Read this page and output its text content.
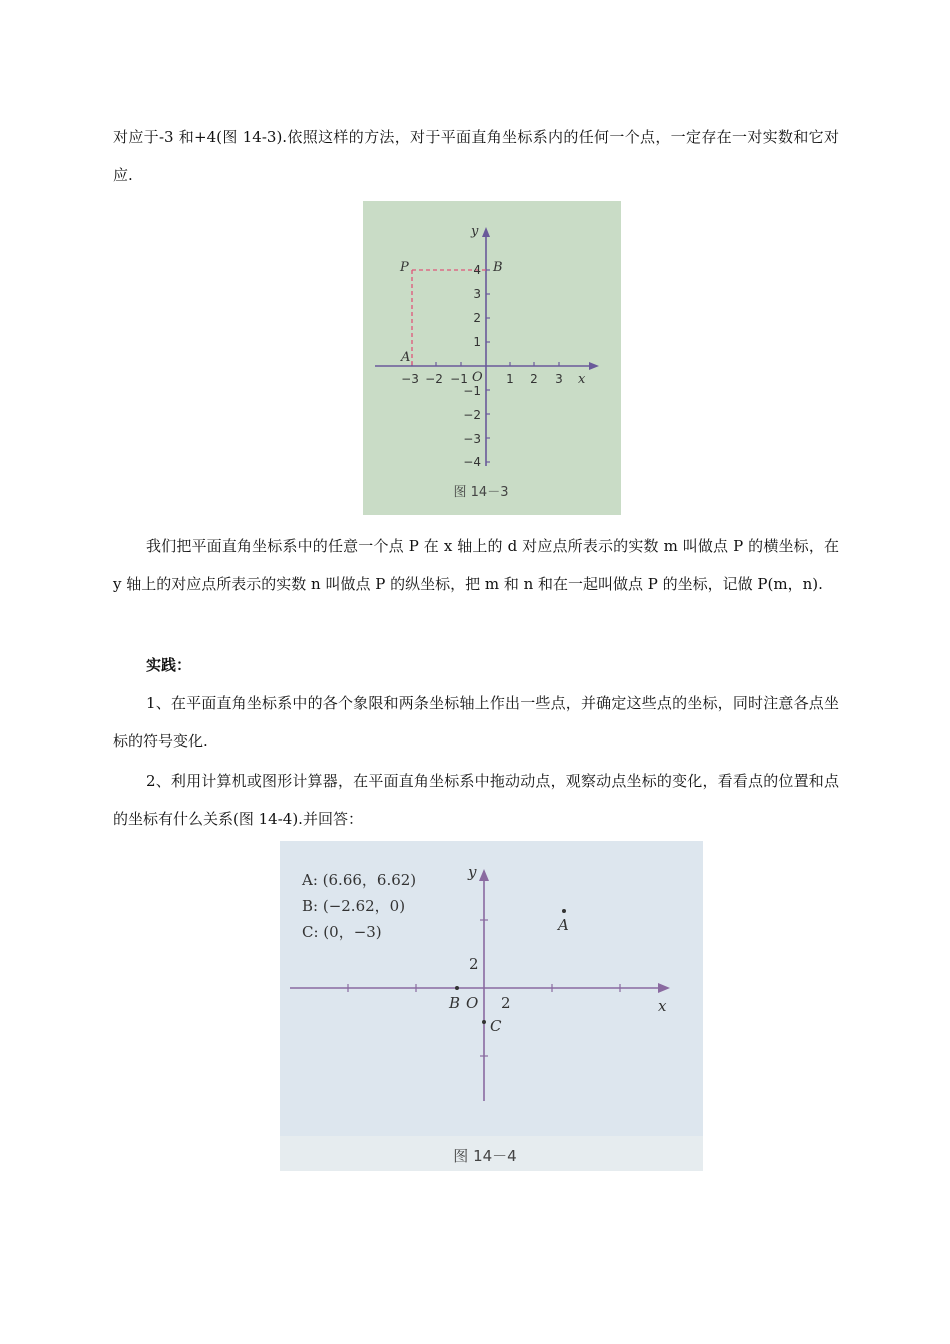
对应于-3 和+4(图 14-3).依照这样的方法，对于平面直角坐标系内的任何一个点，一定存在一对实数和它对应.

P
A
B
y
x
O
−3 −2 −1	1 2 3
4
3
2
1
−1
−2
−3
−4
图 14－3

我们把平面直角坐标系中的任意一个点 P 在 x 轴上的 d 对应点所表示的实数 m 叫做点 P 的横坐标，在 y 轴上的对应点所表示的实数 n 叫做点 P 的纵坐标，把 m 和 n 和在一起叫做点 P 的坐标，记做 P(m，n).

实践：

1、在平面直角坐标系中的各个象限和两条坐标轴上作出一些点，并确定这些点的坐标，同时注意各点坐标的符号变化.

2、利用计算机或图形计算器，在平面直角坐标系中拖动动点，观察动点坐标的变化，看看点的位置和点的坐标有什么关系(图 14-4).并回答：

A: (6.66，6.62)
B: (−2.62，0)
C: (0，−3)	A
B
C
O
y
x
2
2
图 14－4
